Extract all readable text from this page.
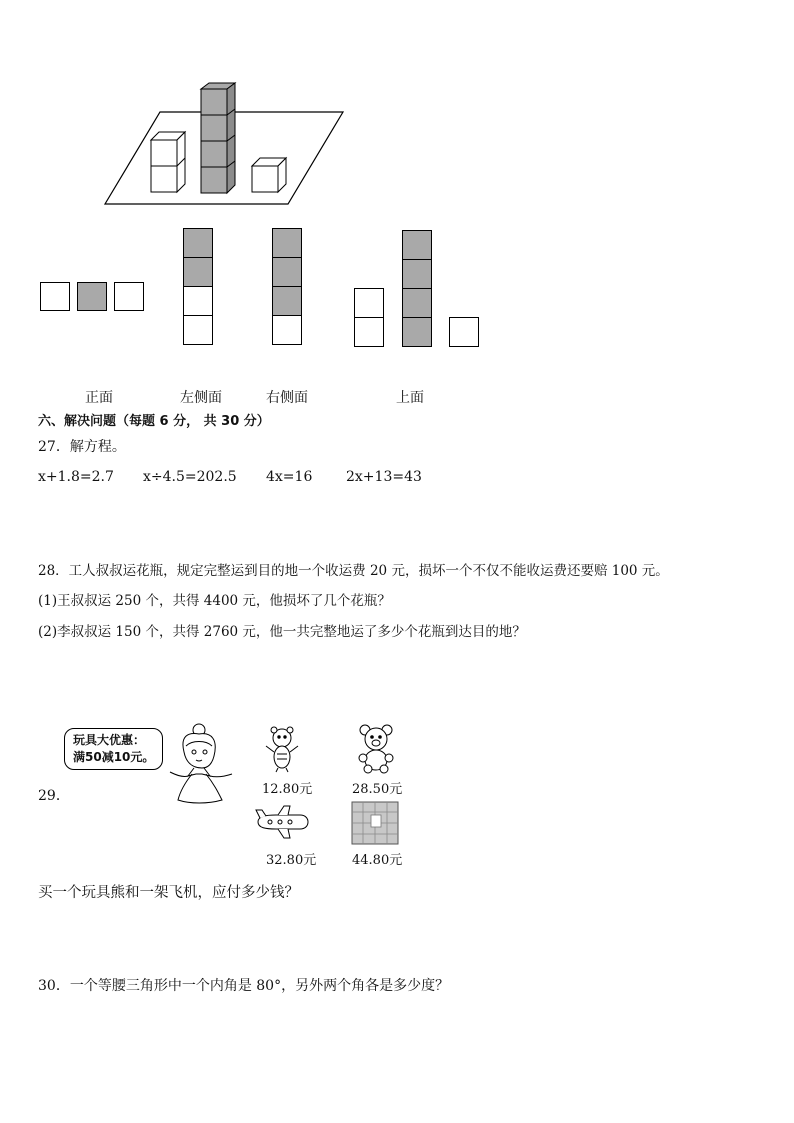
正面	左侧面	右侧面	上面
六、解决问题（每题 6 分， 共 30 分）
27．解方程。
x+1.8=2.7 x÷4.5=202.5 4x=16 2x+13=43
28．工人叔叔运花瓶，规定完整运到目的地一个收运费 20 元，损坏一个不仅不能收运费还要赔 100 元。
(1)王叔叔运 250 个，共得 4400 元，他损坏了几个花瓶？
(2)李叔叔运 150 个，共得 2760 元，他一共完整地运了多少个花瓶到达目的地？
29．
玩具大优惠：
满50减10元。
12.80元	28.50元
32.80元	44.80元
买一个玩具熊和一架飞机，应付多少钱？
30．一个等腰三角形中一个内角是 80°，另外两个角各是多少度？
